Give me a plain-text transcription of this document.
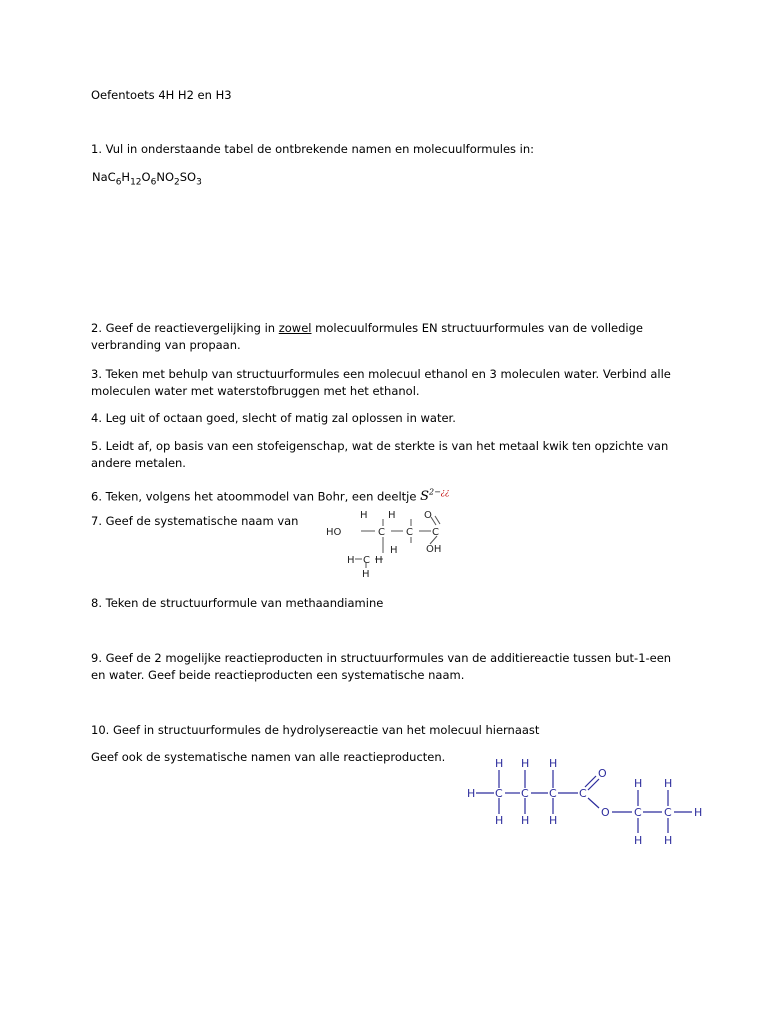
Oefentoets 4H H2 en H3
1. Vul in onderstaande tabel de ontbrekende namen en molecuulformules in:
$NaC_6H_{12}O_6NO_2SO_3$
2. Geef de reactievergelijking in zowel molecuulformules EN structuurformules van de volledige verbranding van propaan.
3. Teken met behulp van structuurformules een molecuul ethanol en 3 moleculen water. Verbind alle moleculen water met waterstofbruggen met het ethanol.
4. Leg uit of octaan goed, slecht of matig zal oplossen in water.
5. Leidt af, op basis van een stofeigenschap, wat de sterkte is van het metaal kwik ten opzichte van andere metalen.
6. Teken, volgens het atoommodel van Bohr, een deeltje $S^{2-¿¿}$
7. Geef de systematische naam van	H H
HO	C C C
O
OH
H
H C H
H
8. Teken de structuurformule van methaandiamine
9. Geef de 2 mogelijke reactieproducten in structuurformules van de additiereactie tussen but-1-een en water. Geef beide reactieproducten een systematische naam.
10. Geef in structuurformules de hydrolysereactie van het molecuul hiernaast
Geef ook de systematische namen van alle reactieproducten.	H H H
H C C C C
O
O C C
H H
H
H H H
H H
